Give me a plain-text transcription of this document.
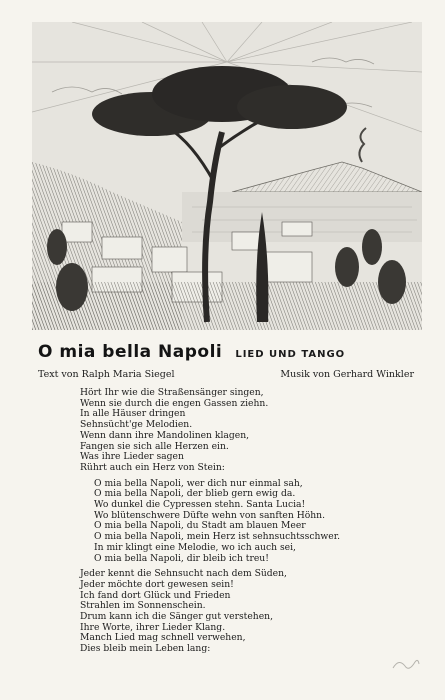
O mia bella Napoli LIED UND TANGO
Text von Ralph Maria Siegel	Musik von Gerhard Winkler
Hört Ihr wie die Straßensänger singen,
Wenn sie durch die engen Gassen ziehn.
In alle Häuser dringen
Sehnsücht'ge Melodien.
Wenn dann ihre Mandolinen klagen,
Fangen sie sich alle Herzen ein.
Was ihre Lieder sagen
Rührt auch ein Herz von Stein:
O mia bella Napoli, wer dich nur einmal sah,
O mia bella Napoli, der blieb gern ewig da.
Wo dunkel die Cypressen stehn. Santa Lucia!
Wo blütenschwere Düfte wehn von sanften Höhn.
O mia bella Napoli, du Stadt am blauen Meer
O mia bella Napoli, mein Herz ist sehnsuchtsschwer.
In mir klingt eine Melodie, wo ich auch sei,
O mia bella Napoli, dir bleib ich treu!
Jeder kennt die Sehnsucht nach dem Süden,
Jeder möchte dort gewesen sein!
Ich fand dort Glück und Frieden
Strahlen im Sonnenschein.
Drum kann ich die Sänger gut verstehen,
Ihre Worte, ihrer Lieder Klang.
Manch Lied mag schnell verwehen,
Dies bleib mein Leben lang:
